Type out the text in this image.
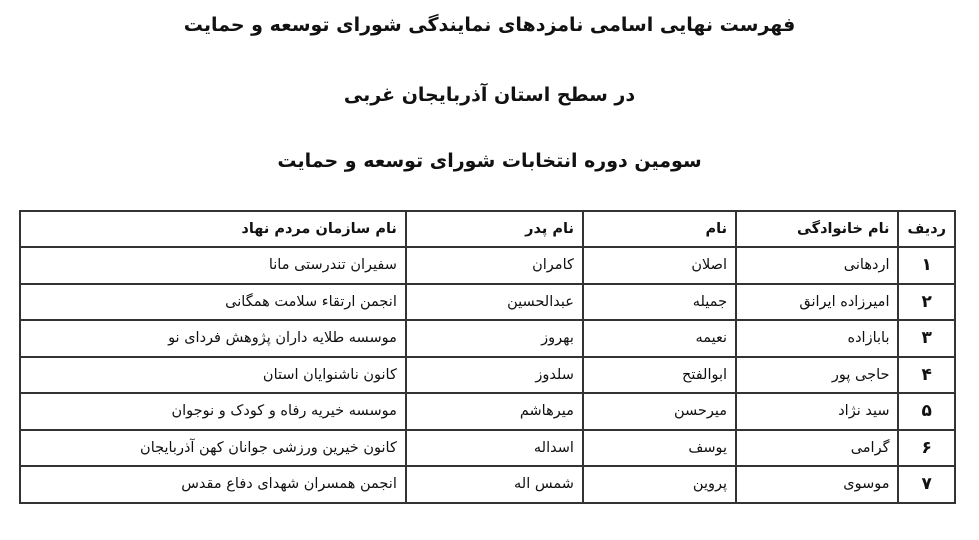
فهرست نهایی اسامی نامزدهای نمایندگی شورای توسعه و حمایت
در سطح استان آذربایجان غربی
سومین دوره انتخابات شورای توسعه و حمایت
ردیف	نام خانوادگی	نام	نام پدر	نام سازمان مردم نهاد
۱	اردهانی	اصلان	کامران	سفیران تندرستی مانا
۲	امیرزاده ایرانق	جمیله	عبدالحسین	انجمن ارتقاء سلامت همگانی
۳	بابازاده	نعیمه	بهروز	موسسه طلایه داران پژوهش فردای نو
۴	حاجی پور	ابوالفتح	سلدوز	کانون ناشنوایان استان
۵	سید نژاد	میرحسن	میرهاشم	موسسه خیریه رفاه و کودک و نوجوان
۶	گرامی	یوسف	اسداله	کانون خیرین ورزشی جوانان کهن آذربایجان
۷	موسوی	پروین	شمس اله	انجمن همسران شهدای دفاع مقدس
